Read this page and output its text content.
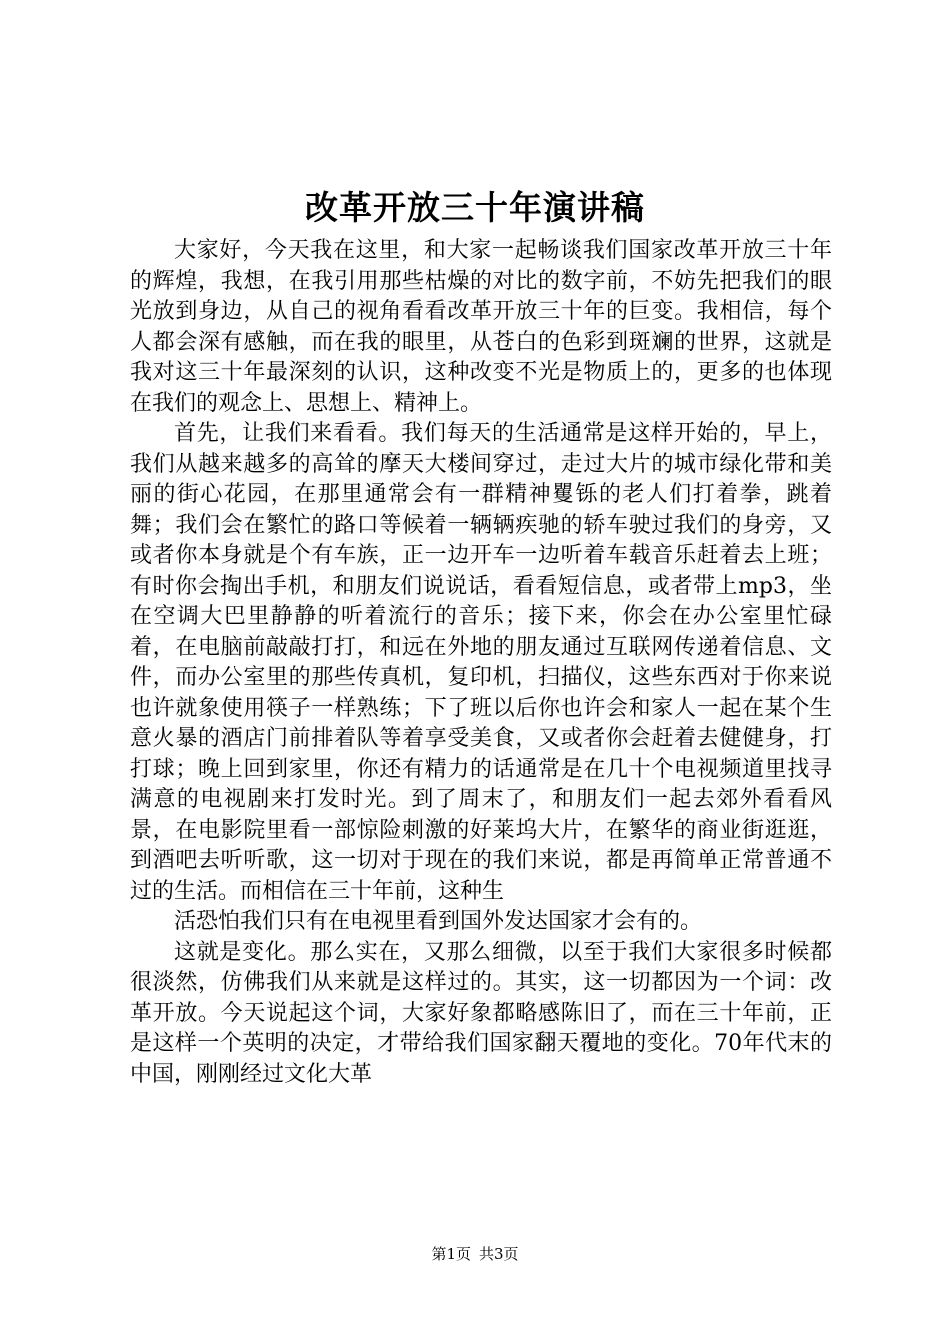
改革开放三十年演讲稿

大家好，今天我在这里，和大家一起畅谈我们国家改革开放三十年的辉煌，我想，在我引用那些枯燥的对比的数字前，不妨先把我们的眼光放到身边，从自己的视角看看改革开放三十年的巨变。我相信，每个人都会深有感触，而在我的眼里，从苍白的色彩到斑斓的世界，这就是我对这三十年最深刻的认识，这种改变不光是物质上的，更多的也体现在我们的观念上、思想上、精神上。

首先，让我们来看看。我们每天的生活通常是这样开始的，早上，我们从越来越多的高耸的摩天大楼间穿过，走过大片的城市绿化带和美丽的街心花园，在那里通常会有一群精神矍铄的老人们打着拳，跳着舞；我们会在繁忙的路口等候着一辆辆疾驰的轿车驶过我们的身旁，又或者你本身就是个有车族，正一边开车一边听着车载音乐赶着去上班；有时你会掏出手机，和朋友们说说话，看看短信息，或者带上mp3，坐在空调大巴里静静的听着流行的音乐；接下来，你会在办公室里忙碌着，在电脑前敲敲打打，和远在外地的朋友通过互联网传递着信息、文件，而办公室里的那些传真机，复印机，扫描仪，这些东西对于你来说也许就象使用筷子一样熟练；下了班以后你也许会和家人一起在某个生意火暴的酒店门前排着队等着享受美食，又或者你会赶着去健健身，打打球；晚上回到家里，你还有精力的话通常是在几十个电视频道里找寻满意的电视剧来打发时光。到了周末了，和朋友们一起去郊外看看风景，在电影院里看一部惊险刺激的好莱坞大片，在繁华的商业街逛逛，到酒吧去听听歌，这一切对于现在的我们来说，都是再简单正常普通不过的生活。而相信在三十年前，这种生

活恐怕我们只有在电视里看到国外发达国家才会有的。

这就是变化。那么实在，又那么细微，以至于我们大家很多时候都很淡然，仿佛我们从来就是这样过的。其实，这一切都因为一个词：改革开放。今天说起这个词，大家好象都略感陈旧了，而在三十年前，正是这样一个英明的决定，才带给我们国家翻天覆地的变化。70年代末的中国，刚刚经过文化大革

第1页 共3页
